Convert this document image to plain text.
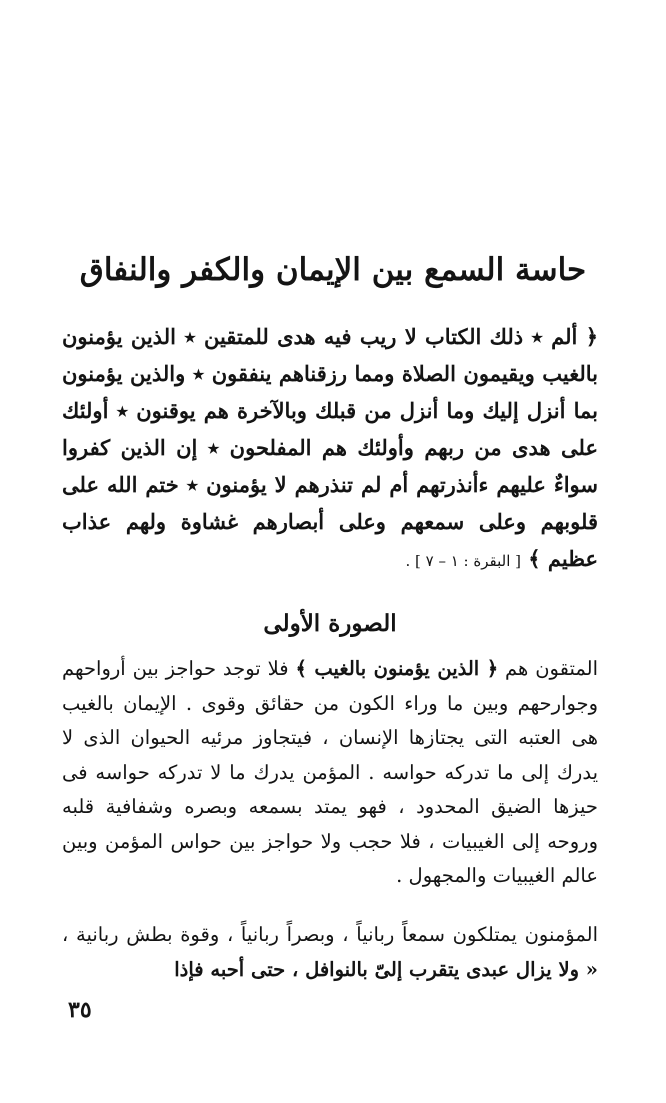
حاسة السمع بين الإيمان والكفر والنفاق

﴿ ألم ٭ ذلك الكتاب لا ريب فيه هدى للمتقين ٭ الذين يؤمنون بالغيب ويقيمون الصلاة ومما رزقناهم ينفقون ٭ والذين يؤمنون بما أنزل إليك وما أنزل من قبلك وبالآخرة هم يوقنون ٭ أولئك على هدى من ربهم وأولئك هم المفلحون ٭ إن الذين كفروا سواءٌ عليهم ءأنذرتهم أم لم تنذرهم لا يؤمنون ٭ ختم الله على قلوبهم وعلى سمعهم وعلى أبصارهم غشاوة ولهم عذاب عظيم ﴾ [ البقرة : ١ – ٧ ] .

الصورة الأولى

المتقون هم ﴿ الذين يؤمنون بالغيب ﴾ فلا توجد حواجز بين أرواحهم وجوارحهم وبين ما وراء الكون من حقائق وقوى . الإيمان بالغيب هى العتبه التى يجتازها الإنسان ، فيتجاوز مرئيه الحيوان الذى لا يدرك إلى ما تدركه حواسه . المؤمن يدرك ما لا تدركه حواسه فى حيزها الضيق المحدود ، فهو يمتد بسمعه وبصره وشفافية قلبه وروحه إلى الغيبيات ، فلا حجب ولا حواجز بين حواس المؤمن وبين عالم الغيبيات والمجهول .

المؤمنون يمتلكون سمعاً ربانياً ، وبصراً ربانياً ، وقوة بطش ربانية ، « ولا يزال عبدى يتقرب إلىّ بالنوافل ، حتى أحبه فإذا

٣٥
